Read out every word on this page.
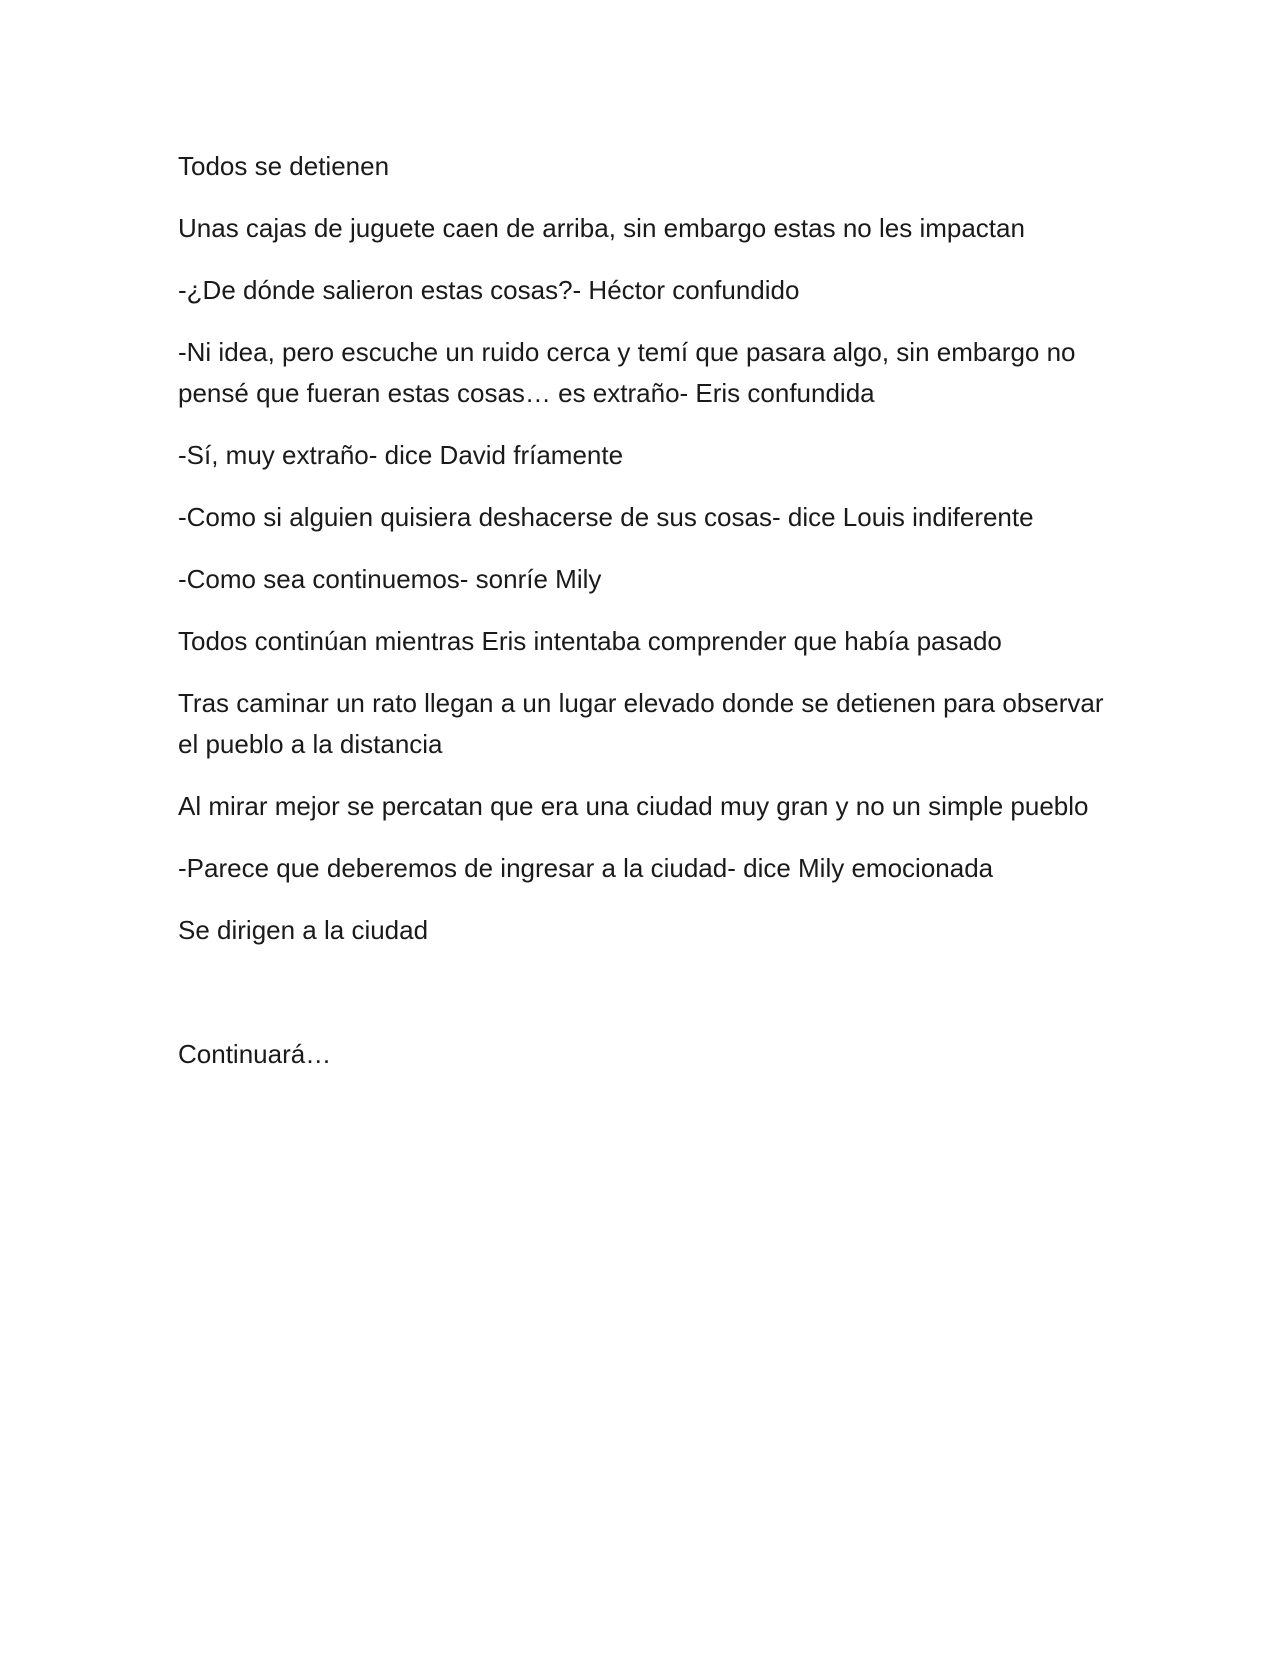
Todos se detienen

Unas cajas de juguete caen de arriba, sin embargo estas no les impactan

-¿De dónde salieron estas cosas?- Héctor confundido

-Ni idea, pero escuche un ruido cerca y temí que pasara algo, sin embargo no pensé que fueran estas cosas… es extraño- Eris confundida

-Sí, muy extraño- dice David fríamente

-Como si alguien quisiera deshacerse de sus cosas- dice Louis indiferente

-Como sea continuemos- sonríe Mily

Todos continúan mientras Eris intentaba comprender que había pasado

Tras caminar un rato llegan a un lugar elevado donde se detienen para observar el pueblo a la distancia

Al mirar mejor se percatan que era una ciudad muy gran y no un simple pueblo

-Parece que deberemos de ingresar a la ciudad- dice Mily emocionada

Se dirigen a la ciudad

Continuará…
